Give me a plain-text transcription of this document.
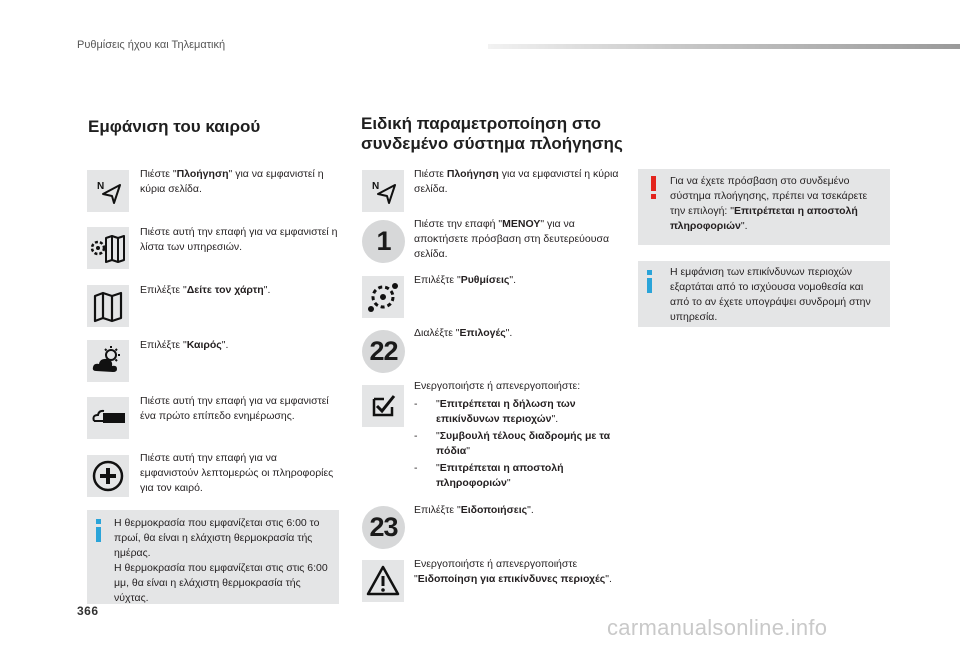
Ρυθμίσεις ήχου και Τηλεματική
Εμφάνιση του καιρού
N
Πιέστε "Πλοήγηση" για να εμφανιστεί η κύρια σελίδα.
Πιέστε αυτή την επαφή για να εμφανιστεί η λίστα των υπηρεσιών.
Επιλέξτε "Δείτε τον χάρτη".
Επιλέξτε "Καιρός".
Πιέστε αυτή την επαφή για να εμφανιστεί ένα πρώτο επίπεδο ενημέρωσης.
Πιέστε αυτή την επαφή για να εμφανιστούν λεπτομερώς οι πληροφορίες για τον καιρό.
Η θερμοκρασία που εμφανίζεται στις 6:00 το πρωί, θα είναι η ελάχιστη θερμοκρασία τής ημέρας.
Η θερμοκρασία που εμφανίζεται στις στις 6:00 μμ, θα είναι η ελάχιστη θερμοκρασία τής νύχτας.
Ειδική παραμετροποίηση στο
συνδεμένο σύστημα πλοήγησης
N
Πιέστε Πλοήγηση για να εμφανιστεί η κύρια σελίδα.
1
Πιέστε την επαφή "ΜΕΝΟΥ" για να αποκτήσετε πρόσβαση στη δευτερεύουσα σελίδα.
Επιλέξτε "Ρυθμίσεις".
22
Διαλέξτε "Επιλογές".
Ενεργοποιήστε ή απενεργοποιήστε:
- "Επιτρέπεται η δήλωση των επικίνδυνων περιοχών".
- "Συμβουλή τέλους διαδρομής με τα πόδια"
- "Επιτρέπεται η αποστολή πληροφοριών"
23
Επιλέξτε "Ειδοποιήσεις".
Ενεργοποιήστε ή απενεργοποιήστε "Ειδοποίηση για επικίνδυνες περιοχές".
Για να έχετε πρόσβαση στο συνδεμένο σύστημα πλοήγησης, πρέπει να τσεκάρετε την επιλογή: "Επιτρέπεται η αποστολή πληροφοριών".
Η εμφάνιση των επικίνδυνων περιοχών εξαρτάται από το ισχύουσα νομοθεσία και από το αν έχετε υπογράψει συνδρομή στην υπηρεσία.
366
carmanualsonline.info
